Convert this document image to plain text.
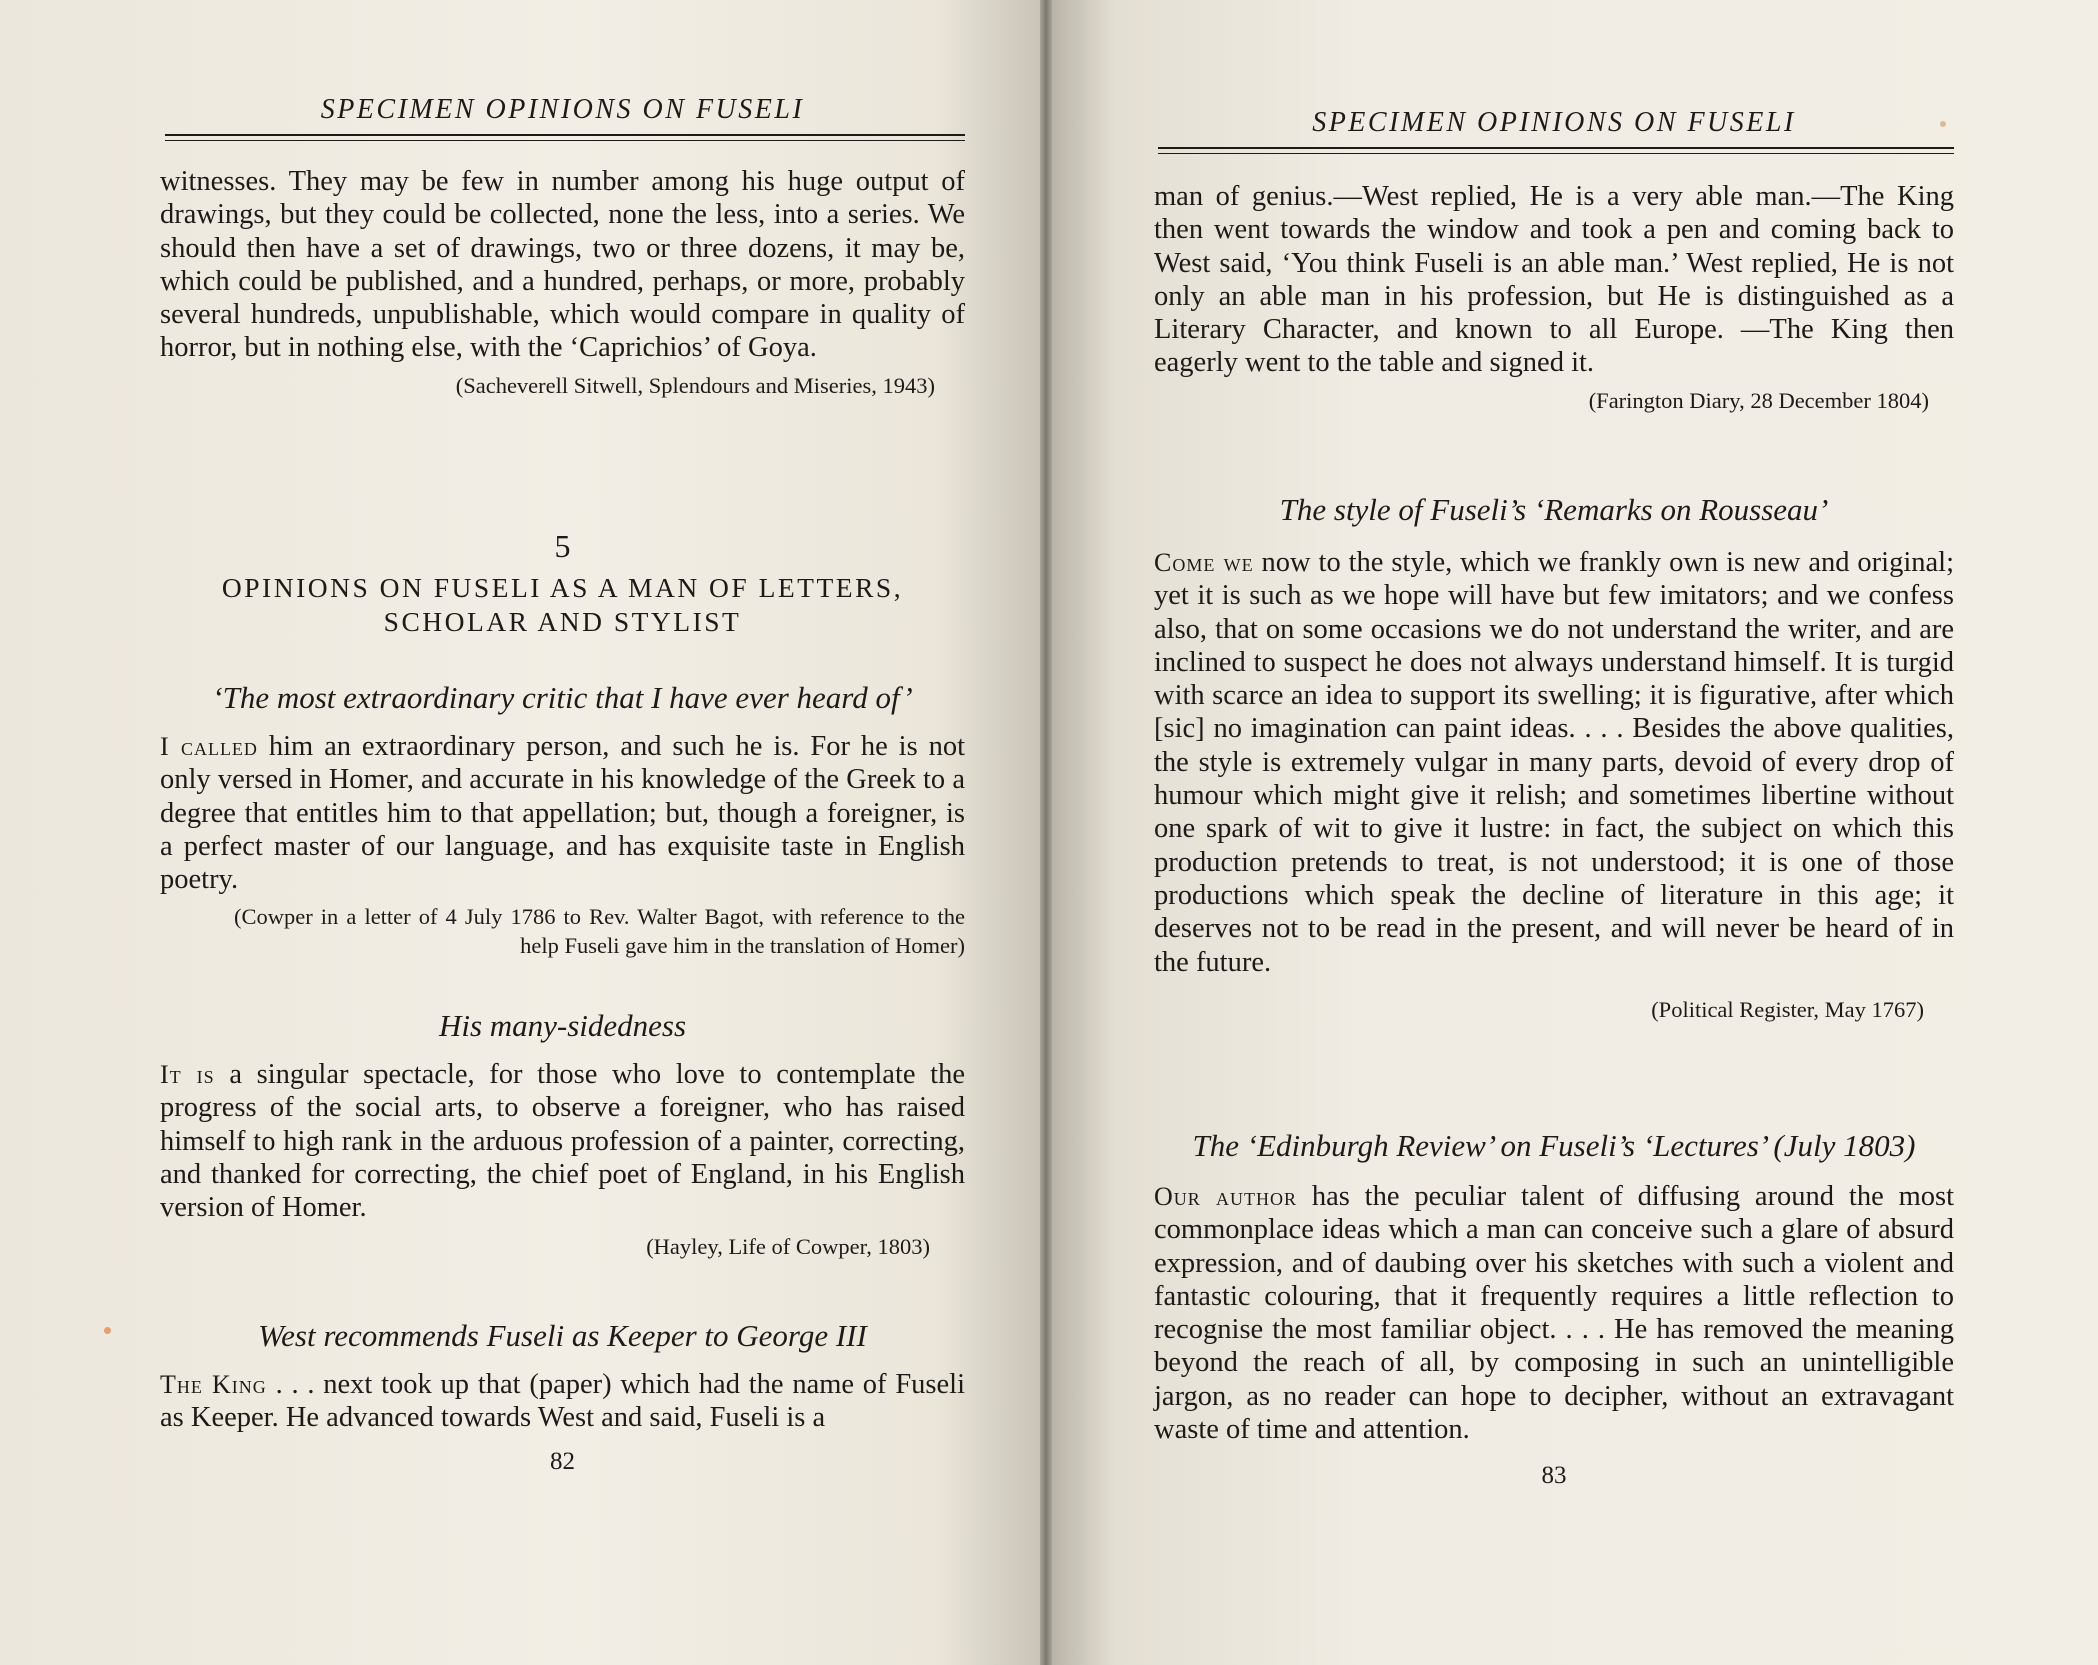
SPECIMEN OPINIONS ON FUSELI

witnesses. They may be few in number among his huge output of drawings, but they could be collected, none the less, into a series. We should then have a set of drawings, two or three dozens, it may be, which could be published, and a hundred, perhaps, or more, probably several hundreds, unpublishable, which would compare in quality of horror, but in nothing else, with the ‘Caprichios’ of Goya.

(Sacheverell Sitwell, Splendours and Miseries, 1943)

5

OPINIONS ON FUSELI AS A MAN OF LETTERS,

SCHOLAR AND STYLIST

‘The most extraordinary critic that I have ever heard of’

I called him an extraordinary person, and such he is. For he is not only versed in Homer, and accurate in his knowledge of the Greek to a degree that entitles him to that appellation; but, though a foreigner, is a perfect master of our language, and has exquisite taste in English poetry.

(Cowper in a letter of 4 July 1786 to Rev. Walter Bagot, with reference to the help Fuseli gave him in the translation of Homer)

His many-sidedness

It is a singular spectacle, for those who love to contemplate the progress of the social arts, to observe a foreigner, who has raised himself to high rank in the arduous profession of a painter, correcting, and thanked for correcting, the chief poet of England, in his English version of Homer.

(Hayley, Life of Cowper, 1803)

West recommends Fuseli as Keeper to George III

The King . . . next took up that (paper) which had the name of Fuseli as Keeper. He advanced towards West and said, Fuseli is a

82
SPECIMEN OPINIONS ON FUSELI

man of genius.—West replied, He is a very able man.—The King then went towards the window and took a pen and coming back to West said, ‘You think Fuseli is an able man.’ West replied, He is not only an able man in his profession, but He is distinguished as a Literary Character, and known to all Europe. —The King then eagerly went to the table and signed it.

(Farington Diary, 28 December 1804)

The style of Fuseli’s ‘Remarks on Rousseau’

Come we now to the style, which we frankly own is new and original; yet it is such as we hope will have but few imitators; and we confess also, that on some occasions we do not understand the writer, and are inclined to suspect he does not always understand himself. It is turgid with scarce an idea to support its swelling; it is figurative, after which [sic] no imagination can paint ideas. . . . Besides the above qualities, the style is extremely vulgar in many parts, devoid of every drop of humour which might give it relish; and sometimes libertine without one spark of wit to give it lustre: in fact, the subject on which this production pretends to treat, is not understood; it is one of those productions which speak the decline of literature in this age; it deserves not to be read in the present, and will never be heard of in the future.

(Political Register, May 1767)

The ‘Edinburgh Review’ on Fuseli’s ‘Lectures’ (July 1803)

Our author has the peculiar talent of diffusing around the most commonplace ideas which a man can conceive such a glare of absurd expression, and of daubing over his sketches with such a violent and fantastic colouring, that it frequently requires a little reflection to recognise the most familiar object. . . . He has removed the meaning beyond the reach of all, by composing in such an unintelligible jargon, as no reader can hope to decipher, without an extravagant waste of time and attention.

83
